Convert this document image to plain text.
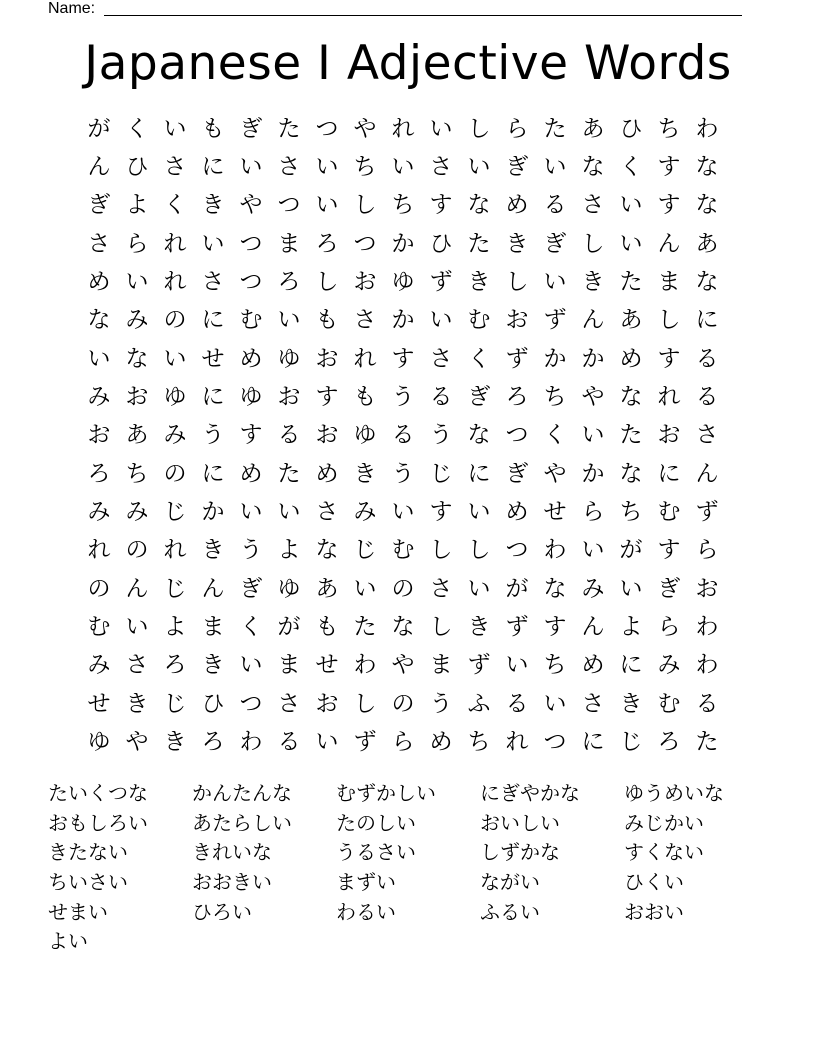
Name:
Japanese I Adjective Words
が く い も ぎ た つ や れ い し ら た あ ひ ち わ
ん ひ さ に い さ い ち い さ い ぎ い な く す な
ぎ よ く き や つ い し ち す な め る さ い す な
さ ら れ い つ ま ろ つ か ひ た き ぎ し い ん あ
め い れ さ つ ろ し お ゆ ず き し い き た ま な
な み の に む い も さ か い む お ず ん あ し に
い な い せ め ゆ お れ す さ く ず か か め す る
み お ゆ に ゆ お す も う る ぎ ろ ち や な れ る
お あ み う す る お ゆ る う な つ く い た お さ
ろ ち の に め た め き う じ に ぎ や か な に ん
み み じ か い い さ み い す い め せ ら ち む ず
れ の れ き う よ な じ む し し つ わ い が す ら
の ん じ ん ぎ ゆ あ い の さ い が な み い ぎ お
む い よ ま く が も た な し き ず す ん よ ら わ
み さ ろ き い ま せ わ や ま ず い ち め に み わ
せ き じ ひ つ さ お し の う ふ る い さ き む る
ゆ や き ろ わ る い ず ら め ち れ つ に じ ろ た
たいくつな	かんたんな	むずかしい	にぎやかな	ゆうめいな
おもしろい	あたらしい	たのしい	おいしい	みじかい
きたない	きれいな	うるさい	しずかな	すくない
ちいさい	おおきい	まずい	ながい	ひくい
せまい	ひろい	わるい	ふるい	おおい
よい
